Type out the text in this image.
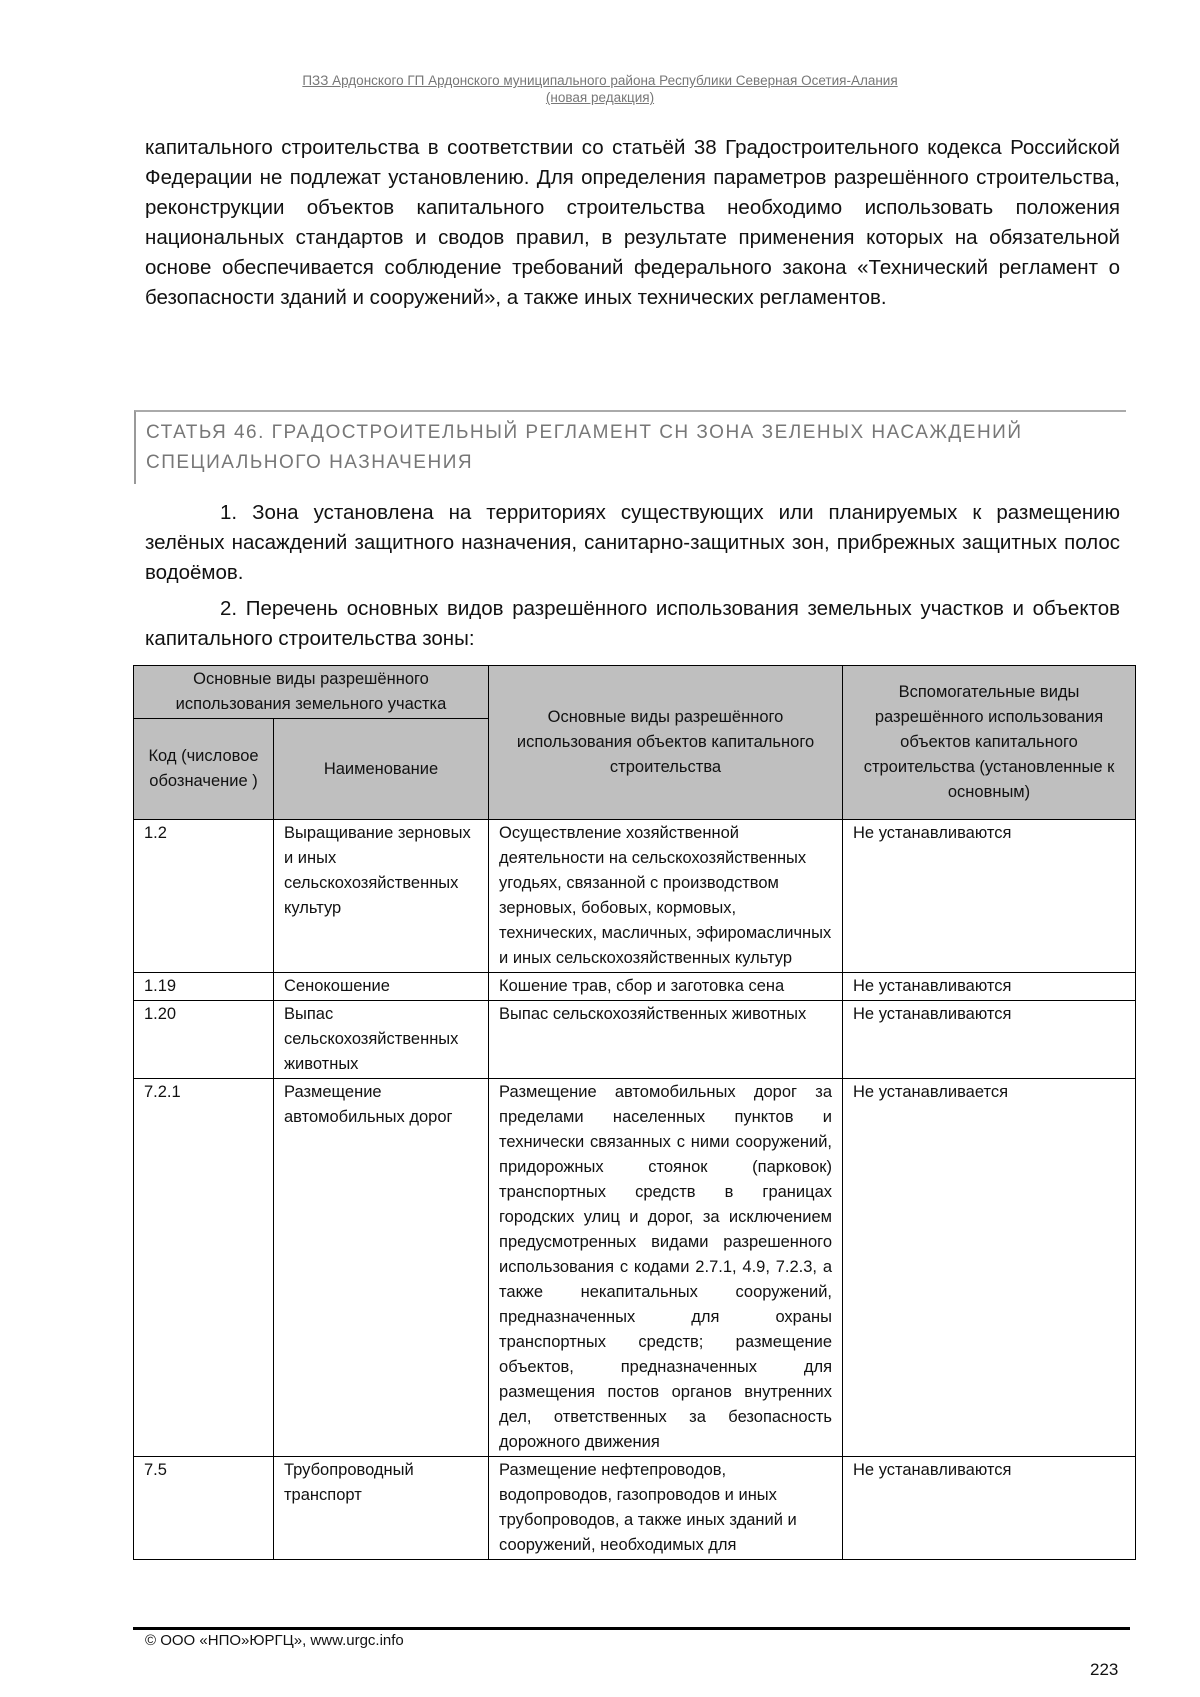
ПЗЗ Ардонского ГП Ардонского муниципального района Республики Северная Осетия-Алания
(новая редакция)
капитального строительства в соответствии со статьёй 38 Градостроительного кодекса Российской Федерации не подлежат установлению. Для определения параметров разрешённого строительства, реконструкции объектов капитального строительства необходимо использовать положения национальных стандартов и сводов правил, в результате применения которых на обязательной основе обеспечивается соблюдение требований федерального закона «Технический регламент о безопасности зданий и сооружений», а также иных технических регламентов.
СТАТЬЯ 46. ГРАДОСТРОИТЕЛЬНЫЙ РЕГЛАМЕНТ СН ЗОНА ЗЕЛЕНЫХ НАСАЖДЕНИЙ СПЕЦИАЛЬНОГО НАЗНАЧЕНИЯ
1. Зона установлена на территориях существующих или планируемых к размещению зелёных насаждений защитного назначения, санитарно-защитных зон, прибрежных защитных полос водоёмов.
2. Перечень основных видов разрешённого использования земельных участков и объектов капитального строительства зоны:
Основные виды разрешённого использования земельного участка		Основные виды разрешённого использования объектов капитального строительства	Вспомогательные виды разрешённого использования объектов капитального строительства (установленные к основным)
Код (числовое обозначение )	Наименование		
1.2	Выращивание зерновых и иных сельскохозяйственных культур	Осуществление хозяйственной деятельности на сельскохозяйственных угодьях, связанной с производством зерновых, бобовых, кормовых, технических, масличных, эфиромасличных и иных сельскохозяйственных культур	Не устанавливаются
1.19	Сенокошение	Кошение трав, сбор и заготовка сена	Не устанавливаются
1.20	Выпас сельскохозяйственных животных	Выпас сельскохозяйственных животных	Не устанавливаются
7.2.1	Размещение автомобильных дорог	Размещение автомобильных дорог за пределами населенных пунктов и технически связанных с ними сооружений, придорожных стоянок (парковок) транспортных средств в границах городских улиц и дорог, за исключением предусмотренных видами разрешенного использования с кодами 2.7.1, 4.9, 7.2.3, а также некапитальных сооружений, предназначенных для охраны транспортных средств; размещение объектов, предназначенных для размещения постов органов внутренних дел, ответственных за безопасность дорожного движения	Не устанавливается
7.5	Трубопроводный транспорт	Размещение нефтепроводов, водопроводов, газопроводов и иных трубопроводов, а также иных зданий и сооружений, необходимых для	Не устанавливаются
© ООО «НПО»ЮРГЦ», www.urgc.info
223
